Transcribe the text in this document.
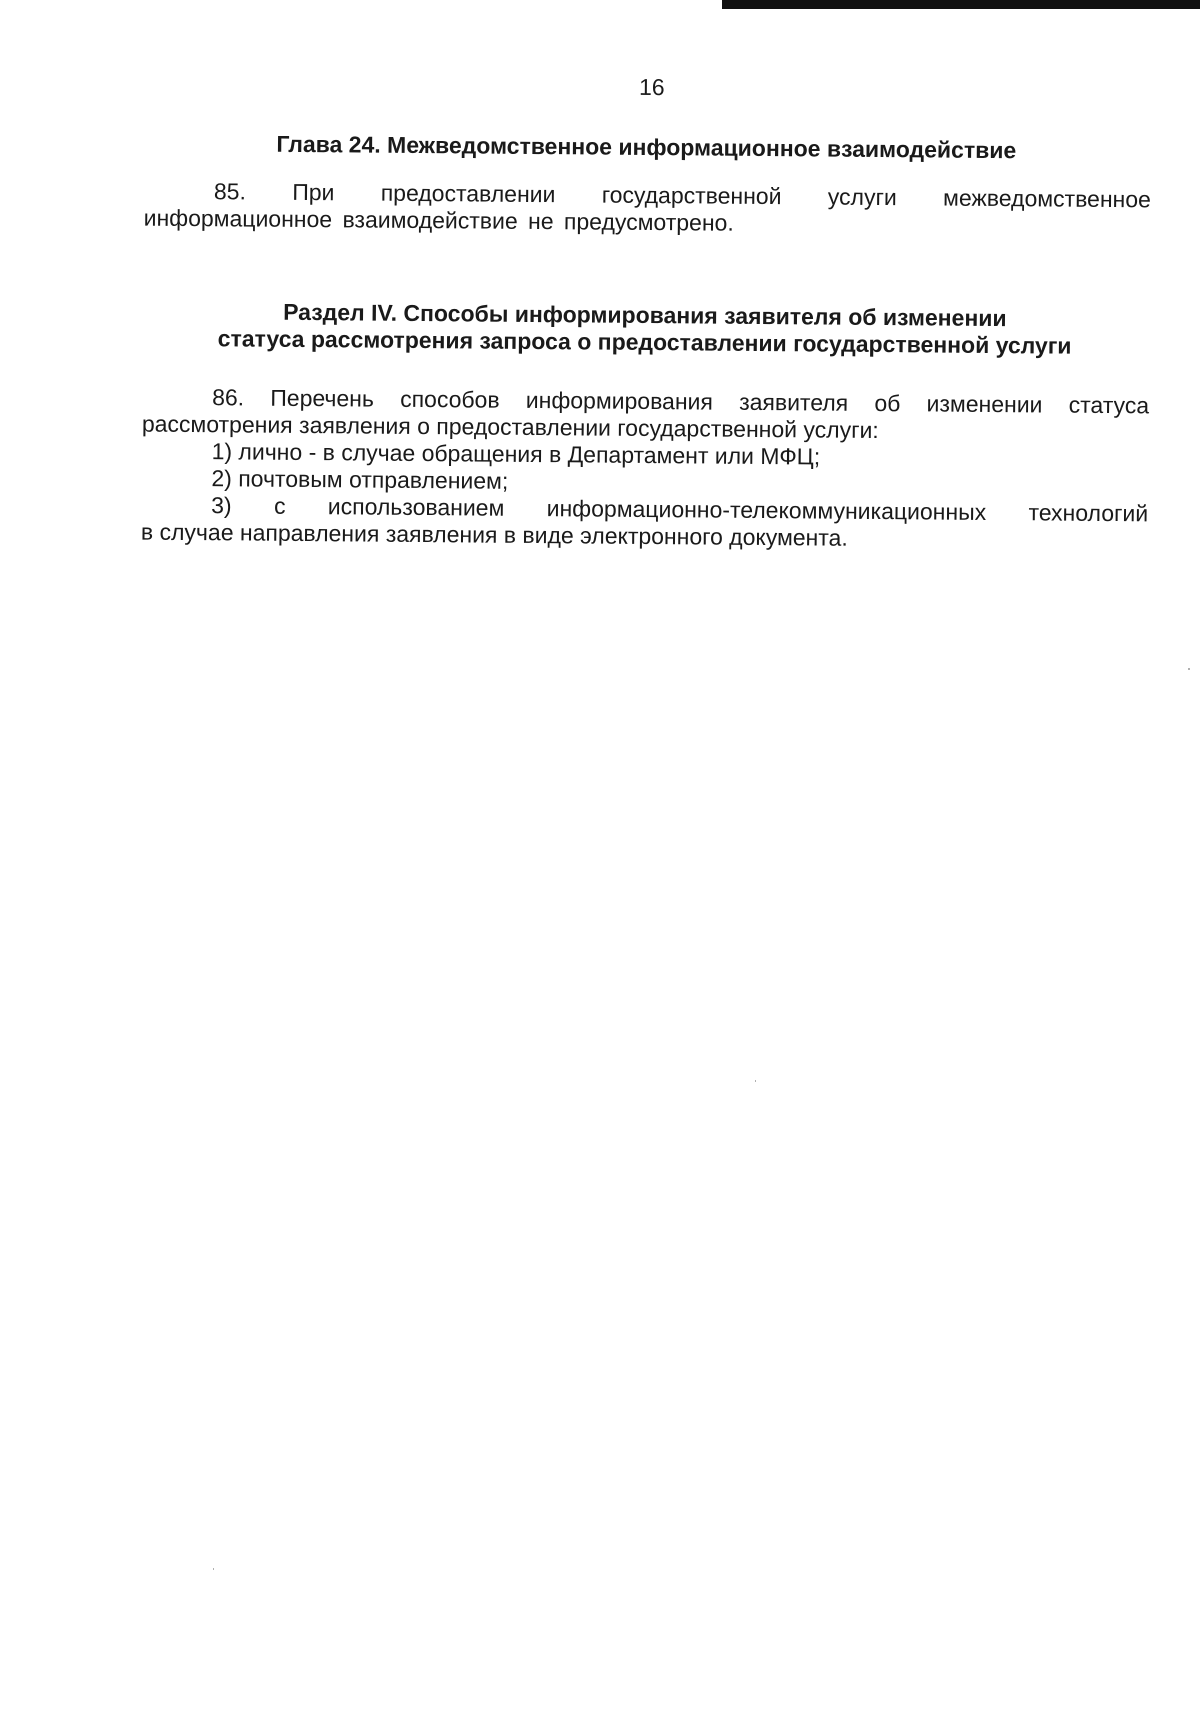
16
Глава 24. Межведомственное информационное взаимодействие
85. При предоставлении государственной услуги межведомственное
информационное взаимодействие не предусмотрено.
Раздел IV. Способы информирования заявителя об изменении
статуса рассмотрения запроса о предоставлении государственной услуги
86. Перечень способов информирования заявителя об изменении статуса
рассмотрения заявления о предоставлении государственной услуги:
1) лично - в случае обращения в Департамент или МФЦ;
2) почтовым отправлением;
3) с использованием информационно-телекоммуникационных технологий
в случае направления заявления в виде электронного документа.
